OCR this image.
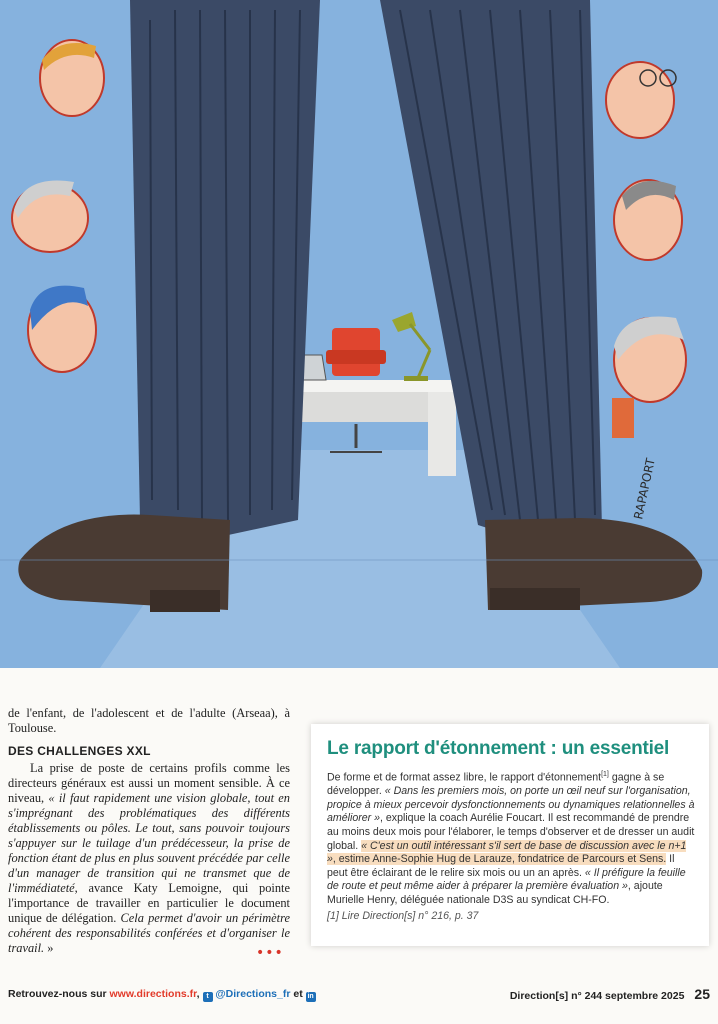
RAPAPORT

de l'enfant, de l'adolescent et de l'adulte (Arseaa), à Toulouse.

DES CHALLENGES XXL

La prise de poste de certains profils comme les directeurs généraux est aussi un moment sensible. À ce niveau, « il faut rapidement une vision globale, tout en s'imprégnant des problématiques des différents établissements ou pôles. Le tout, sans pouvoir toujours s'appuyer sur le tuilage d'un prédécesseur, la prise de fonction étant de plus en plus souvent précédée par celle d'un manager de transition qui ne transmet que de l'immédiateté, avance Katy Lemoigne, qui pointe l'importance de travailler en particulier le document unique de délégation. Cela permet d'avoir un périmètre cohérent des responsabilités conférées et d'organiser le travail. »	•••
Le rapport d'étonnement : un essentiel

De forme et de format assez libre, le rapport d'étonnement[1] gagne à se développer. « Dans les premiers mois, on porte un œil neuf sur l'organisation, propice à mieux percevoir dysfonctionnements ou dynamiques relationnelles à améliorer », explique la coach Aurélie Foucart. Il est recommandé de prendre au moins deux mois pour l'élaborer, le temps d'observer et de dresser un audit global. « C'est un outil intéressant s'il sert de base de discussion avec le n+1 », estime Anne-Sophie Hug de Larauze, fondatrice de Parcours et Sens. Il peut être éclairant de le relire six mois ou un an après. « Il préfigure la feuille de route et peut même aider à préparer la première évaluation », ajoute Murielle Henry, déléguée nationale D3S au syndicat CH-FO.

[1] Lire Direction[s] n° 216, p. 37

Retrouvez-nous sur www.directions.fr, t @Directions_fr et in	Direction[s] n° 244 septembre 2025 25
